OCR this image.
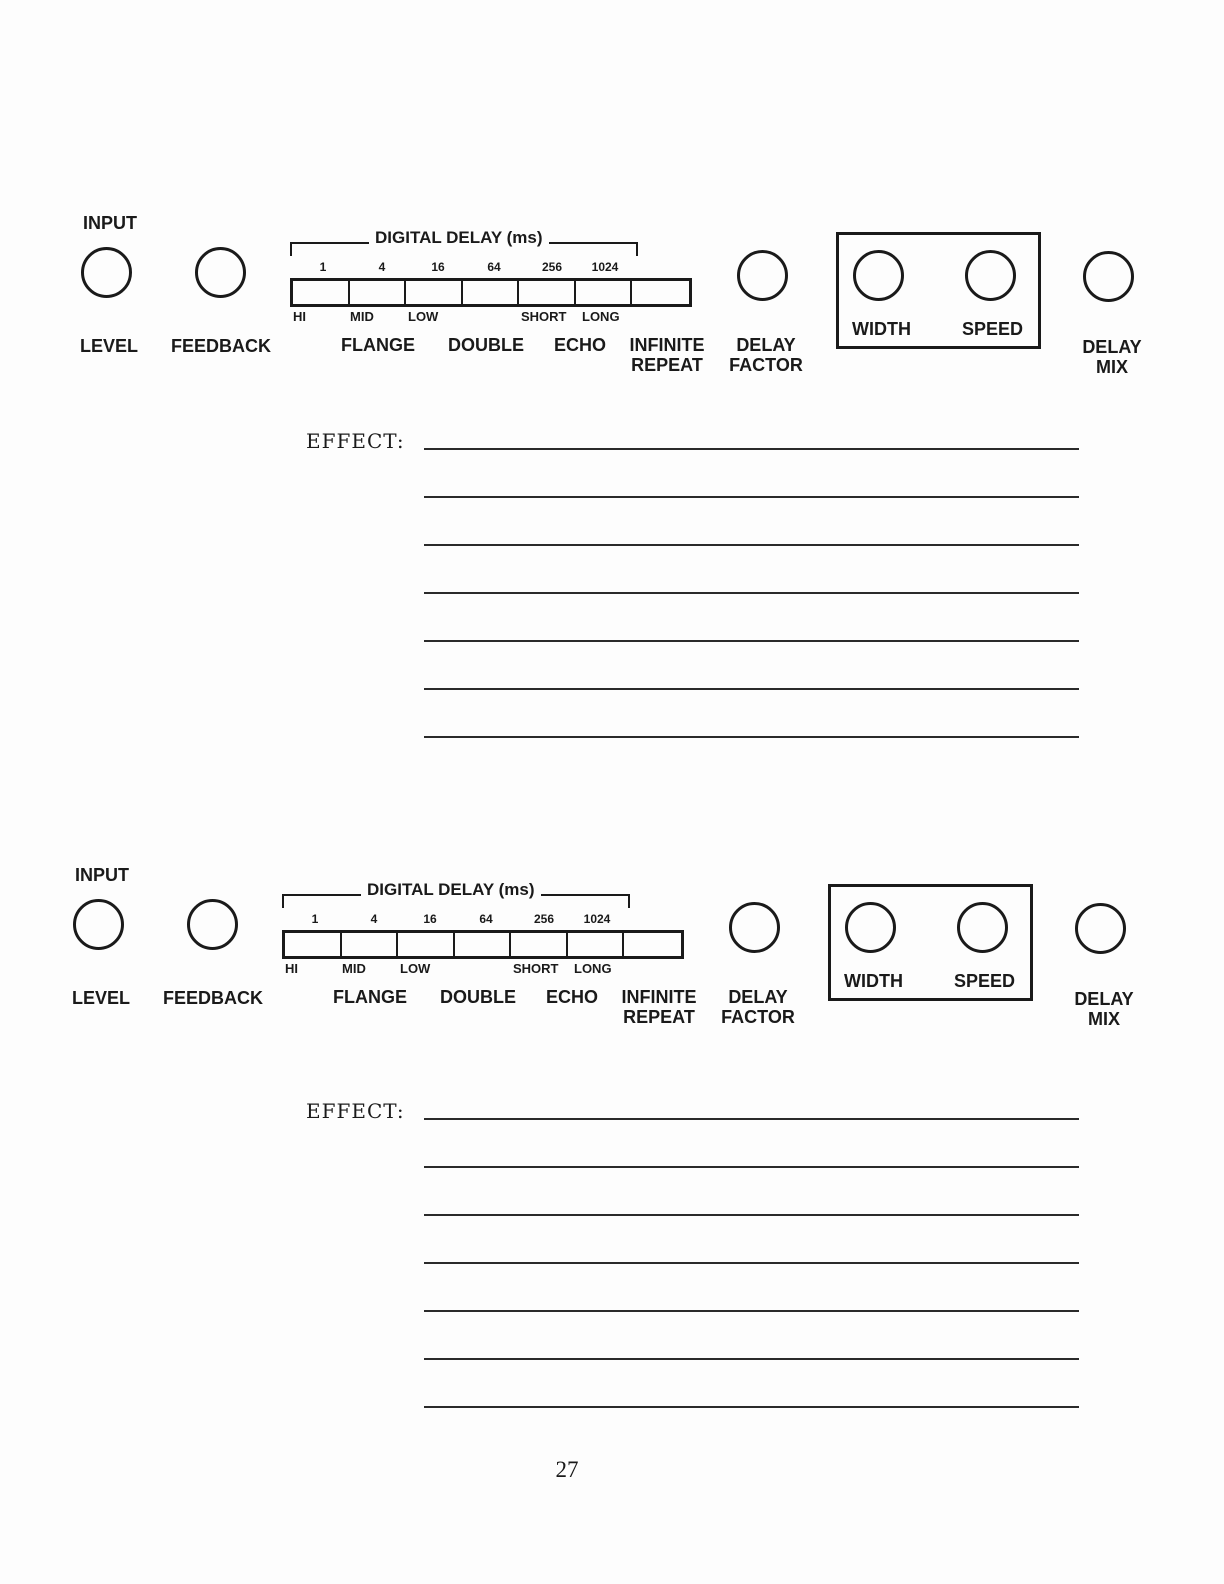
INPUT
DIGITAL DELAY (ms)
1	4	16	64	256 1024
HI	MID	LOW	SHORT LONG
WIDTH	SPEED
LEVEL FEEDBACK	FLANGE DOUBLE ECHO INFINITE
REPEAT
DELAY
FACTOR
DELAY
MIX
EFFECT:
INPUT
DIGITAL DELAY (ms)
1	4	16	64	256 1024
HI	MID	LOW	SHORT LONG
WIDTH	SPEED
LEVEL FEEDBACK	FLANGE DOUBLE ECHO INFINITE
REPEAT
DELAY
FACTOR
DELAY
MIX
EFFECT:
27
